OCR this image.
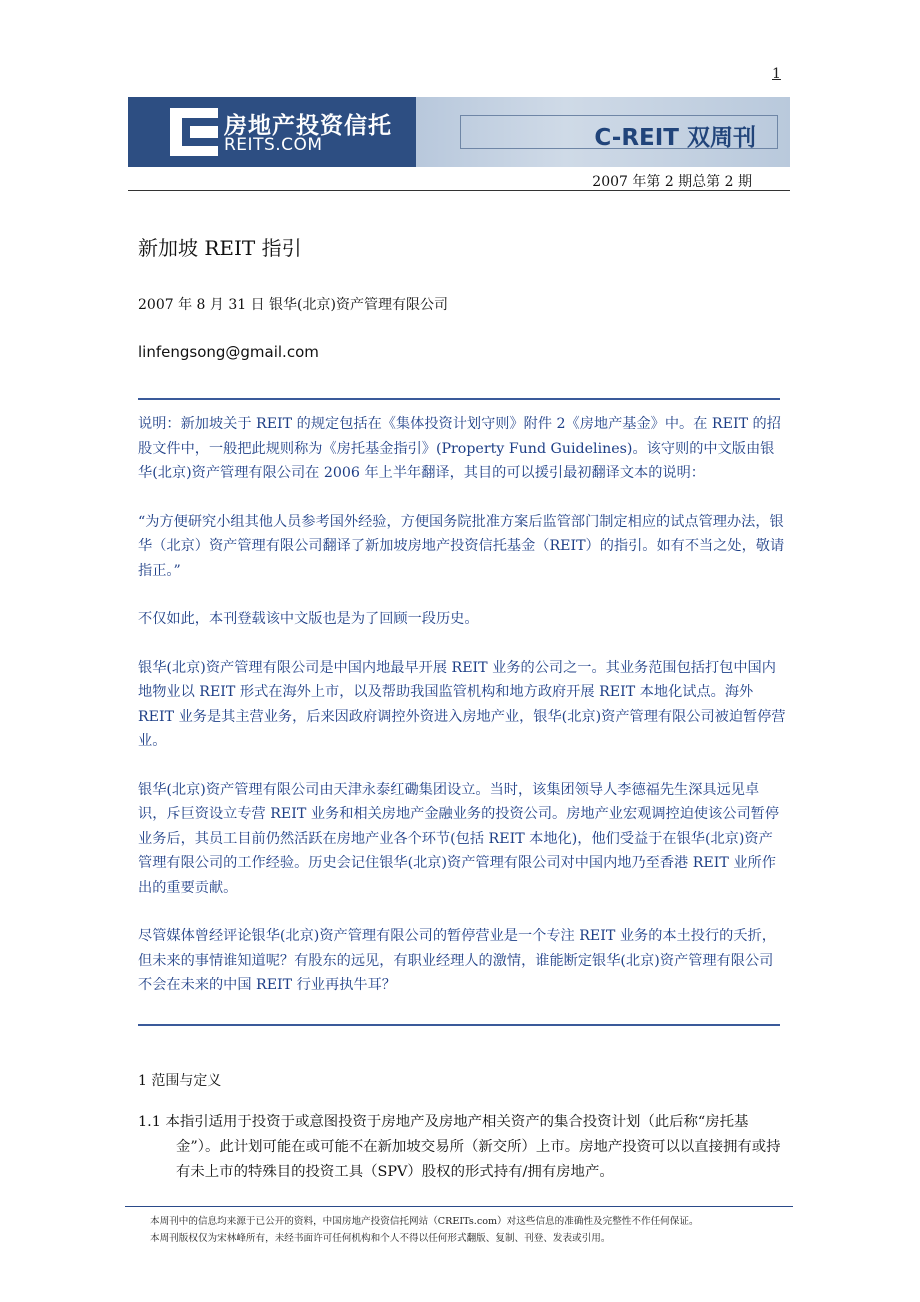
1
房地产投资信托
REITS.COM	C-REIT 双周刊
2007 年第 2 期总第 2 期
新加坡 REIT 指引
2007 年 8 月 31 日 银华(北京)资产管理有限公司
linfengsong@gmail.com

说明：新加坡关于 REIT 的规定包括在《集体投资计划守则》附件 2《房地产基金》中。在 REIT 的招股文件中，一般把此规则称为《房托基金指引》(Property Fund Guidelines)。该守则的中文版由银华(北京)资产管理有限公司在 2006 年上半年翻译，其目的可以援引最初翻译文本的说明：

“为方便研究小组其他人员参考国外经验，方便国务院批准方案后监管部门制定相应的试点管理办法，银华（北京）资产管理有限公司翻译了新加坡房地产投资信托基金（REIT）的指引。如有不当之处，敬请指正。”

不仅如此，本刊登载该中文版也是为了回顾一段历史。

银华(北京)资产管理有限公司是中国内地最早开展 REIT 业务的公司之一。其业务范围包括打包中国内地物业以 REIT 形式在海外上市，以及帮助我国监管机构和地方政府开展 REIT 本地化试点。海外 REIT 业务是其主营业务，后来因政府调控外资进入房地产业，银华(北京)资产管理有限公司被迫暂停营业。

银华(北京)资产管理有限公司由天津永泰红磡集团设立。当时，该集团领导人李德福先生深具远见卓识，斥巨资设立专营 REIT 业务和相关房地产金融业务的投资公司。房地产业宏观调控迫使该公司暂停业务后，其员工目前仍然活跃在房地产业各个环节(包括 REIT 本地化)，他们受益于在银华(北京)资产管理有限公司的工作经验。历史会记住银华(北京)资产管理有限公司对中国内地乃至香港 REIT 业所作出的重要贡献。

尽管媒体曾经评论银华(北京)资产管理有限公司的暂停营业是一个专注 REIT 业务的本土投行的夭折，但未来的事情谁知道呢？有股东的远见，有职业经理人的激情，谁能断定银华(北京)资产管理有限公司不会在未来的中国 REIT 行业再执牛耳？

1 范围与定义
1.1 本指引适用于投资于或意图投资于房地产及房地产相关资产的集合投资计划（此后称“房托基金”）。此计划可能在或可能不在新加坡交易所（新交所）上市。房地产投资可以以直接拥有或持有未上市的特殊目的投资工具（SPV）股权的形式持有/拥有房地产。
本周刊中的信息均来源于已公开的资料，中国房地产投资信托网站（CREITs.com）对这些信息的准确性及完整性不作任何保证。
本周刊版权仅为宋林峰所有，未经书面许可任何机构和个人不得以任何形式翻版、复制、刊登、发表或引用。
